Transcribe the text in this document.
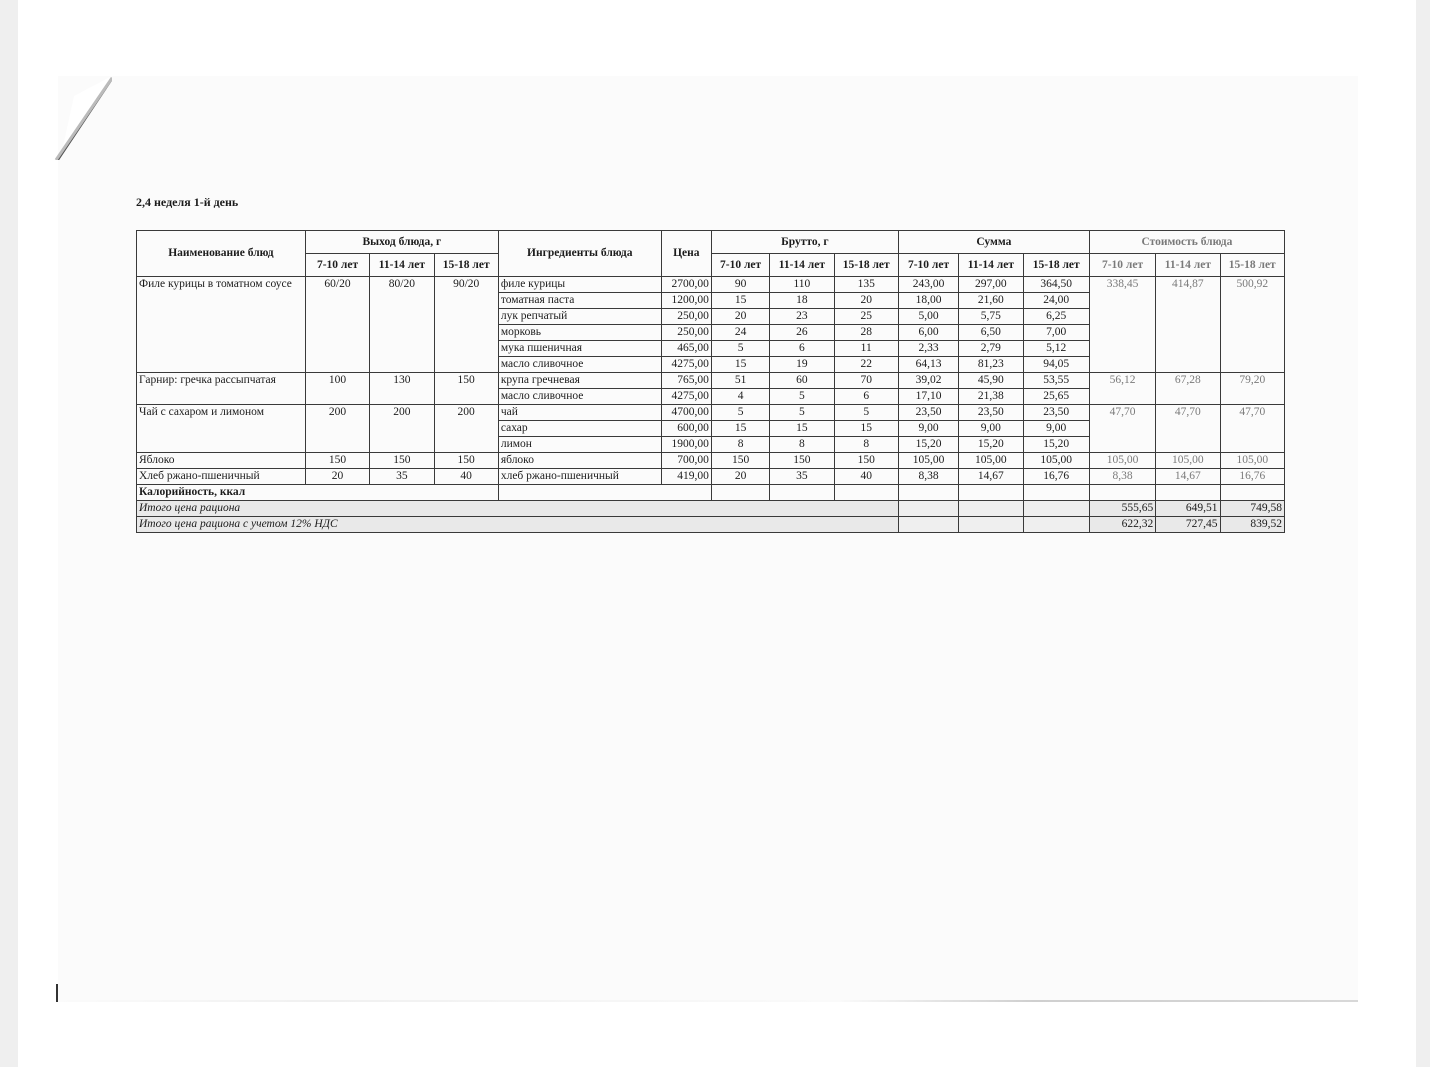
2,4 неделя 1-й день
Наименование блюд	Выход блюда, г			Ингредиенты блюда	Цена	Брутто, г			Сумма			Стоимость блюда		
	7-10 лет	11-14 лет	15-18 лет			7-10 лет	11-14 лет	15-18 лет	7-10 лет	11-14 лет	15-18 лет	7-10 лет	11-14 лет	15-18 лет
Филе курицы в томатном соусе	60/20	80/20	90/20	филе курицы	2700,00	90	110	135	243,00	297,00	364,50	338,45	414,87	500,92
				томатная паста	1200,00	15	18	20	18,00	21,60	24,00			
				лук репчатый	250,00	20	23	25	5,00	5,75	6,25			
				морковь	250,00	24	26	28	6,00	6,50	7,00			
				мука пшеничная	465,00	5	6	11	2,33	2,79	5,12			
				масло сливочное	4275,00	15	19	22	64,13	81,23	94,05			
Гарнир: гречка рассыпчатая	100	130	150	крупа гречневая	765,00	51	60	70	39,02	45,90	53,55	56,12	67,28	79,20
				масло сливочное	4275,00	4	5	6	17,10	21,38	25,65			
Чай с сахаром и лимоном	200	200	200	чай	4700,00	5	5	5	23,50	23,50	23,50	47,70	47,70	47,70
				сахар	600,00	15	15	15	9,00	9,00	9,00			
				лимон	1900,00	8	8	8	15,20	15,20	15,20			
Яблоко	150	150	150	яблоко	700,00	150	150	150	105,00	105,00	105,00	105,00	105,00	105,00
Хлеб ржано-пшеничный	20	35	40	хлеб ржано-пшеничный	419,00	20	35	40	8,38	14,67	16,76	8,38	14,67	16,76
Калорийность, ккал														
Итого цена рациона												555,65	649,51	749,58
Итого цена рациона с учетом 12% НДС												622,32	727,45	839,52
